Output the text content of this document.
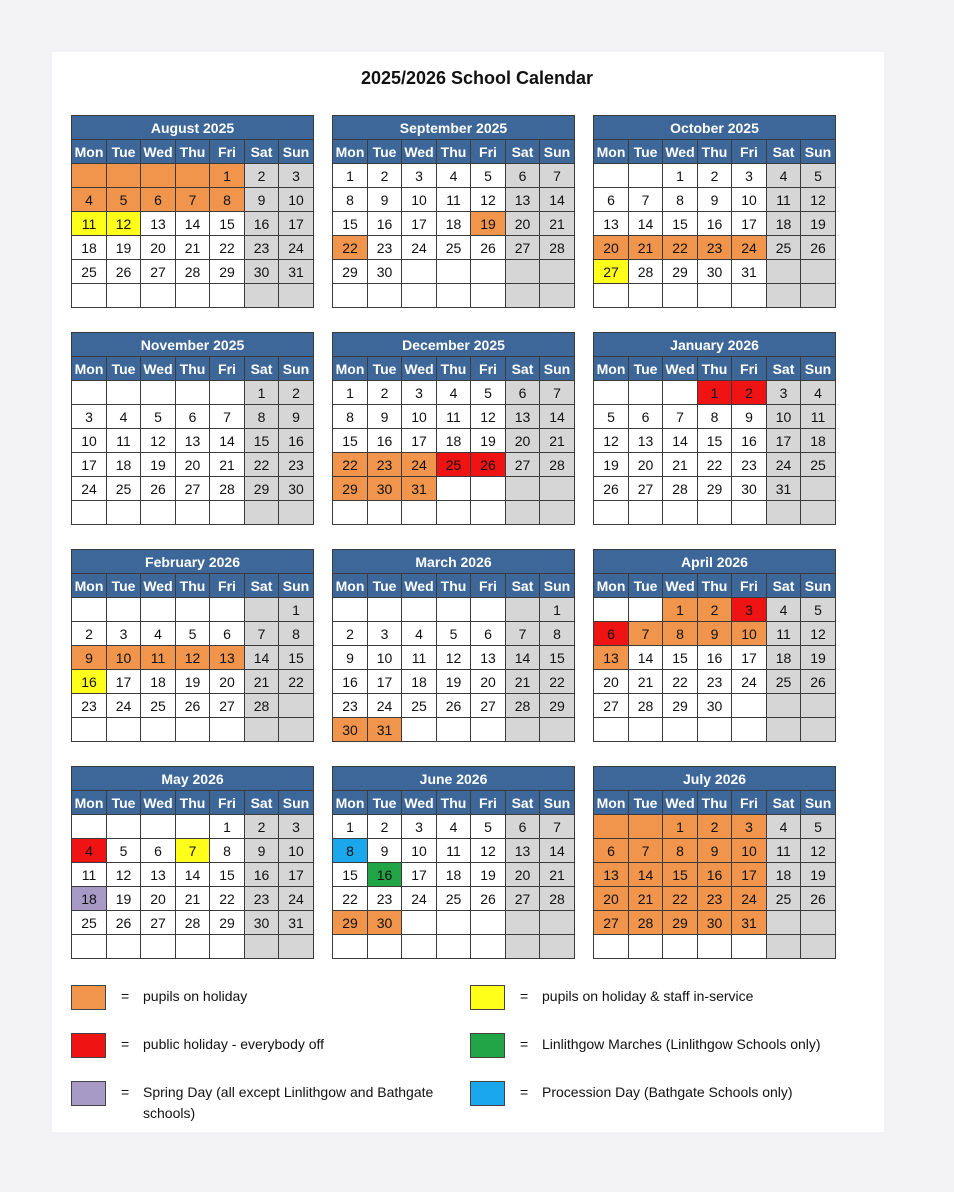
2025/2026 School Calendar
August 2025						
Mon	Tue	Wed	Thu	Fri	Sat	Sun
				1	2	3
4	5	6	7	8	9	10
11	12	13	14	15	16	17
18	19	20	21	22	23	24
25	26	27	28	29	30	31

September 2025						
Mon	Tue	Wed	Thu	Fri	Sat	Sun
1	2	3	4	5	6	7
8	9	10	11	12	13	14
15	16	17	18	19	20	21
22	23	24	25	26	27	28
29	30					

October 2025						
Mon	Tue	Wed	Thu	Fri	Sat	Sun
		1	2	3	4	5
6	7	8	9	10	11	12
13	14	15	16	17	18	19
20	21	22	23	24	25	26
27	28	29	30	31		

November 2025						
Mon	Tue	Wed	Thu	Fri	Sat	Sun
					1	2
3	4	5	6	7	8	9
10	11	12	13	14	15	16
17	18	19	20	21	22	23
24	25	26	27	28	29	30

December 2025						
Mon	Tue	Wed	Thu	Fri	Sat	Sun
1	2	3	4	5	6	7
8	9	10	11	12	13	14
15	16	17	18	19	20	21
22	23	24	25	26	27	28
29	30	31				

January 2026						
Mon	Tue	Wed	Thu	Fri	Sat	Sun
			1	2	3	4
5	6	7	8	9	10	11
12	13	14	15	16	17	18
19	20	21	22	23	24	25
26	27	28	29	30	31	

February 2026						
Mon	Tue	Wed	Thu	Fri	Sat	Sun
						1
2	3	4	5	6	7	8
9	10	11	12	13	14	15
16	17	18	19	20	21	22
23	24	25	26	27	28	

March 2026						
Mon	Tue	Wed	Thu	Fri	Sat	Sun
						1
2	3	4	5	6	7	8
9	10	11	12	13	14	15
16	17	18	19	20	21	22
23	24	25	26	27	28	29
30	31					
April 2026						
Mon	Tue	Wed	Thu	Fri	Sat	Sun
		1	2	3	4	5
6	7	8	9	10	11	12
13	14	15	16	17	18	19
20	21	22	23	24	25	26
27	28	29	30			

May 2026						
Mon	Tue	Wed	Thu	Fri	Sat	Sun
				1	2	3
4	5	6	7	8	9	10
11	12	13	14	15	16	17
18	19	20	21	22	23	24
25	26	27	28	29	30	31

June 2026						
Mon	Tue	Wed	Thu	Fri	Sat	Sun
1	2	3	4	5	6	7
8	9	10	11	12	13	14
15	16	17	18	19	20	21
22	23	24	25	26	27	28
29	30					

July 2026						
Mon	Tue	Wed	Thu	Fri	Sat	Sun
		1	2	3	4	5
6	7	8	9	10	11	12
13	14	15	16	17	18	19
20	21	22	23	24	25	26
27	28	29	30	31		

= pupils on holiday	= pupils on holiday & staff in-service
= public holiday - everybody off	= Linlithgow Marches (Linlithgow Schools only)
= Spring Day (all except Linlithgow and Bathgate schools)
= Procession Day (Bathgate Schools only)
